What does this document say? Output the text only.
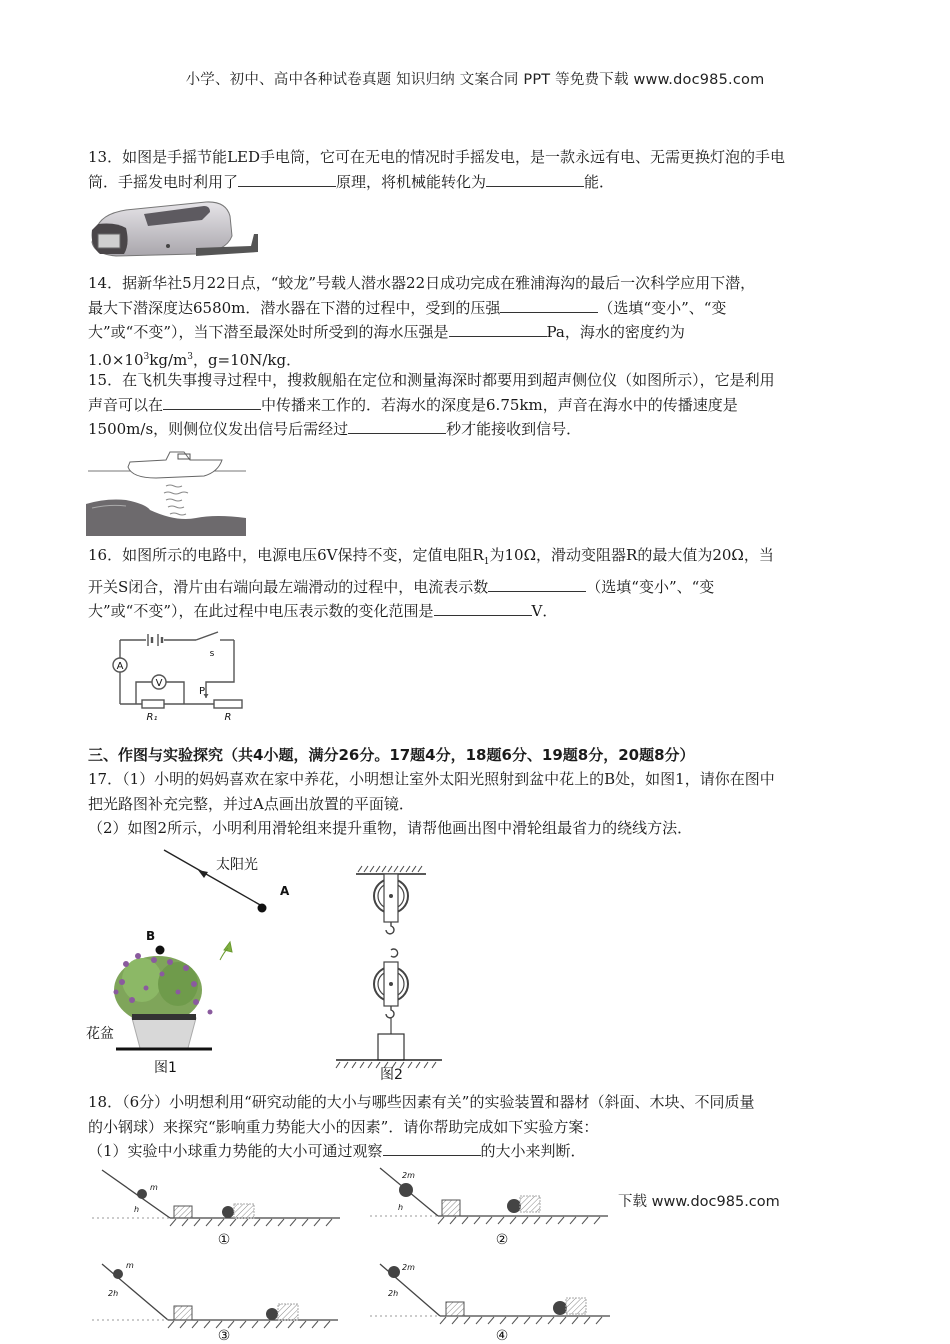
小学、初中、高中各种试卷真题 知识归纳 文案合同 PPT 等免费下载 www.doc985.com
13．如图是手摇节能LED手电筒，它可在无电的情况时手摇发电，是一款永远有电、无需更换灯泡的手电
筒．手摇发电时利用了	原理，将机械能转化为	能．
14．据新华社5月22日点，“蛟龙”号载人潜水器22日成功完成在雅浦海沟的最后一次科学应用下潜，
最大下潜深度达6580m．潜水器在下潜的过程中，受到的压强	（选填“变小”、“变
大”或“不变”），当下潜至最深处时所受到的海水压强是	Pa，海水的密度约为
$1.0\times 10^3kg/m^3$，g=10N/kg．
15．在飞机失事搜寻过程中，搜救舰船在定位和测量海深时都要用到超声侧位仪（如图所示），它是利用
声音可以在	中传播来工作的．若海水的深度是6.75km，声音在海水中的传播速度是
1500m/s，则侧位仪发出信号后需经过	秒才能接收到信号．
16．如图所示的电路中，电源电压6V保持不变，定值电阻$R_1$为10Ω，滑动变阻器R的最大值为20Ω，当
开关S闭合，滑片由右端向最左端滑动的过程中，电流表示数	（选填“变小”、“变
大”或“不变”），在此过程中电压表示数的变化范围是	V．
A
V
s
P
R₁	R
三、作图与实验探究（共4小题，满分26分。17题4分，18题6分、19题8分，20题8分）
17．（1）小明的妈妈喜欢在家中养花，小明想让室外太阳光照射到盆中花上的B处，如图1，请你在图中
把光路图补充完整，并过A点画出放置的平面镜．
（2）如图2所示，小明利用滑轮组来提升重物，请帮他画出图中滑轮组最省力的绕线方法．
太阳光
A
B
花盆
图1	图2
18．（6分）小明想利用“研究动能的大小与哪些因素有关”的实验装置和器材（斜面、木块、不同质量
的小钢球）来探究“影响重力势能大小的因素”．请你帮助完成如下实验方案：
（1）实验中小球重力势能的大小可通过观察	的大小来判断．
m
h
①
2m
h
②
m
2h
③
2m
2h
④
下载 www.doc985.com
